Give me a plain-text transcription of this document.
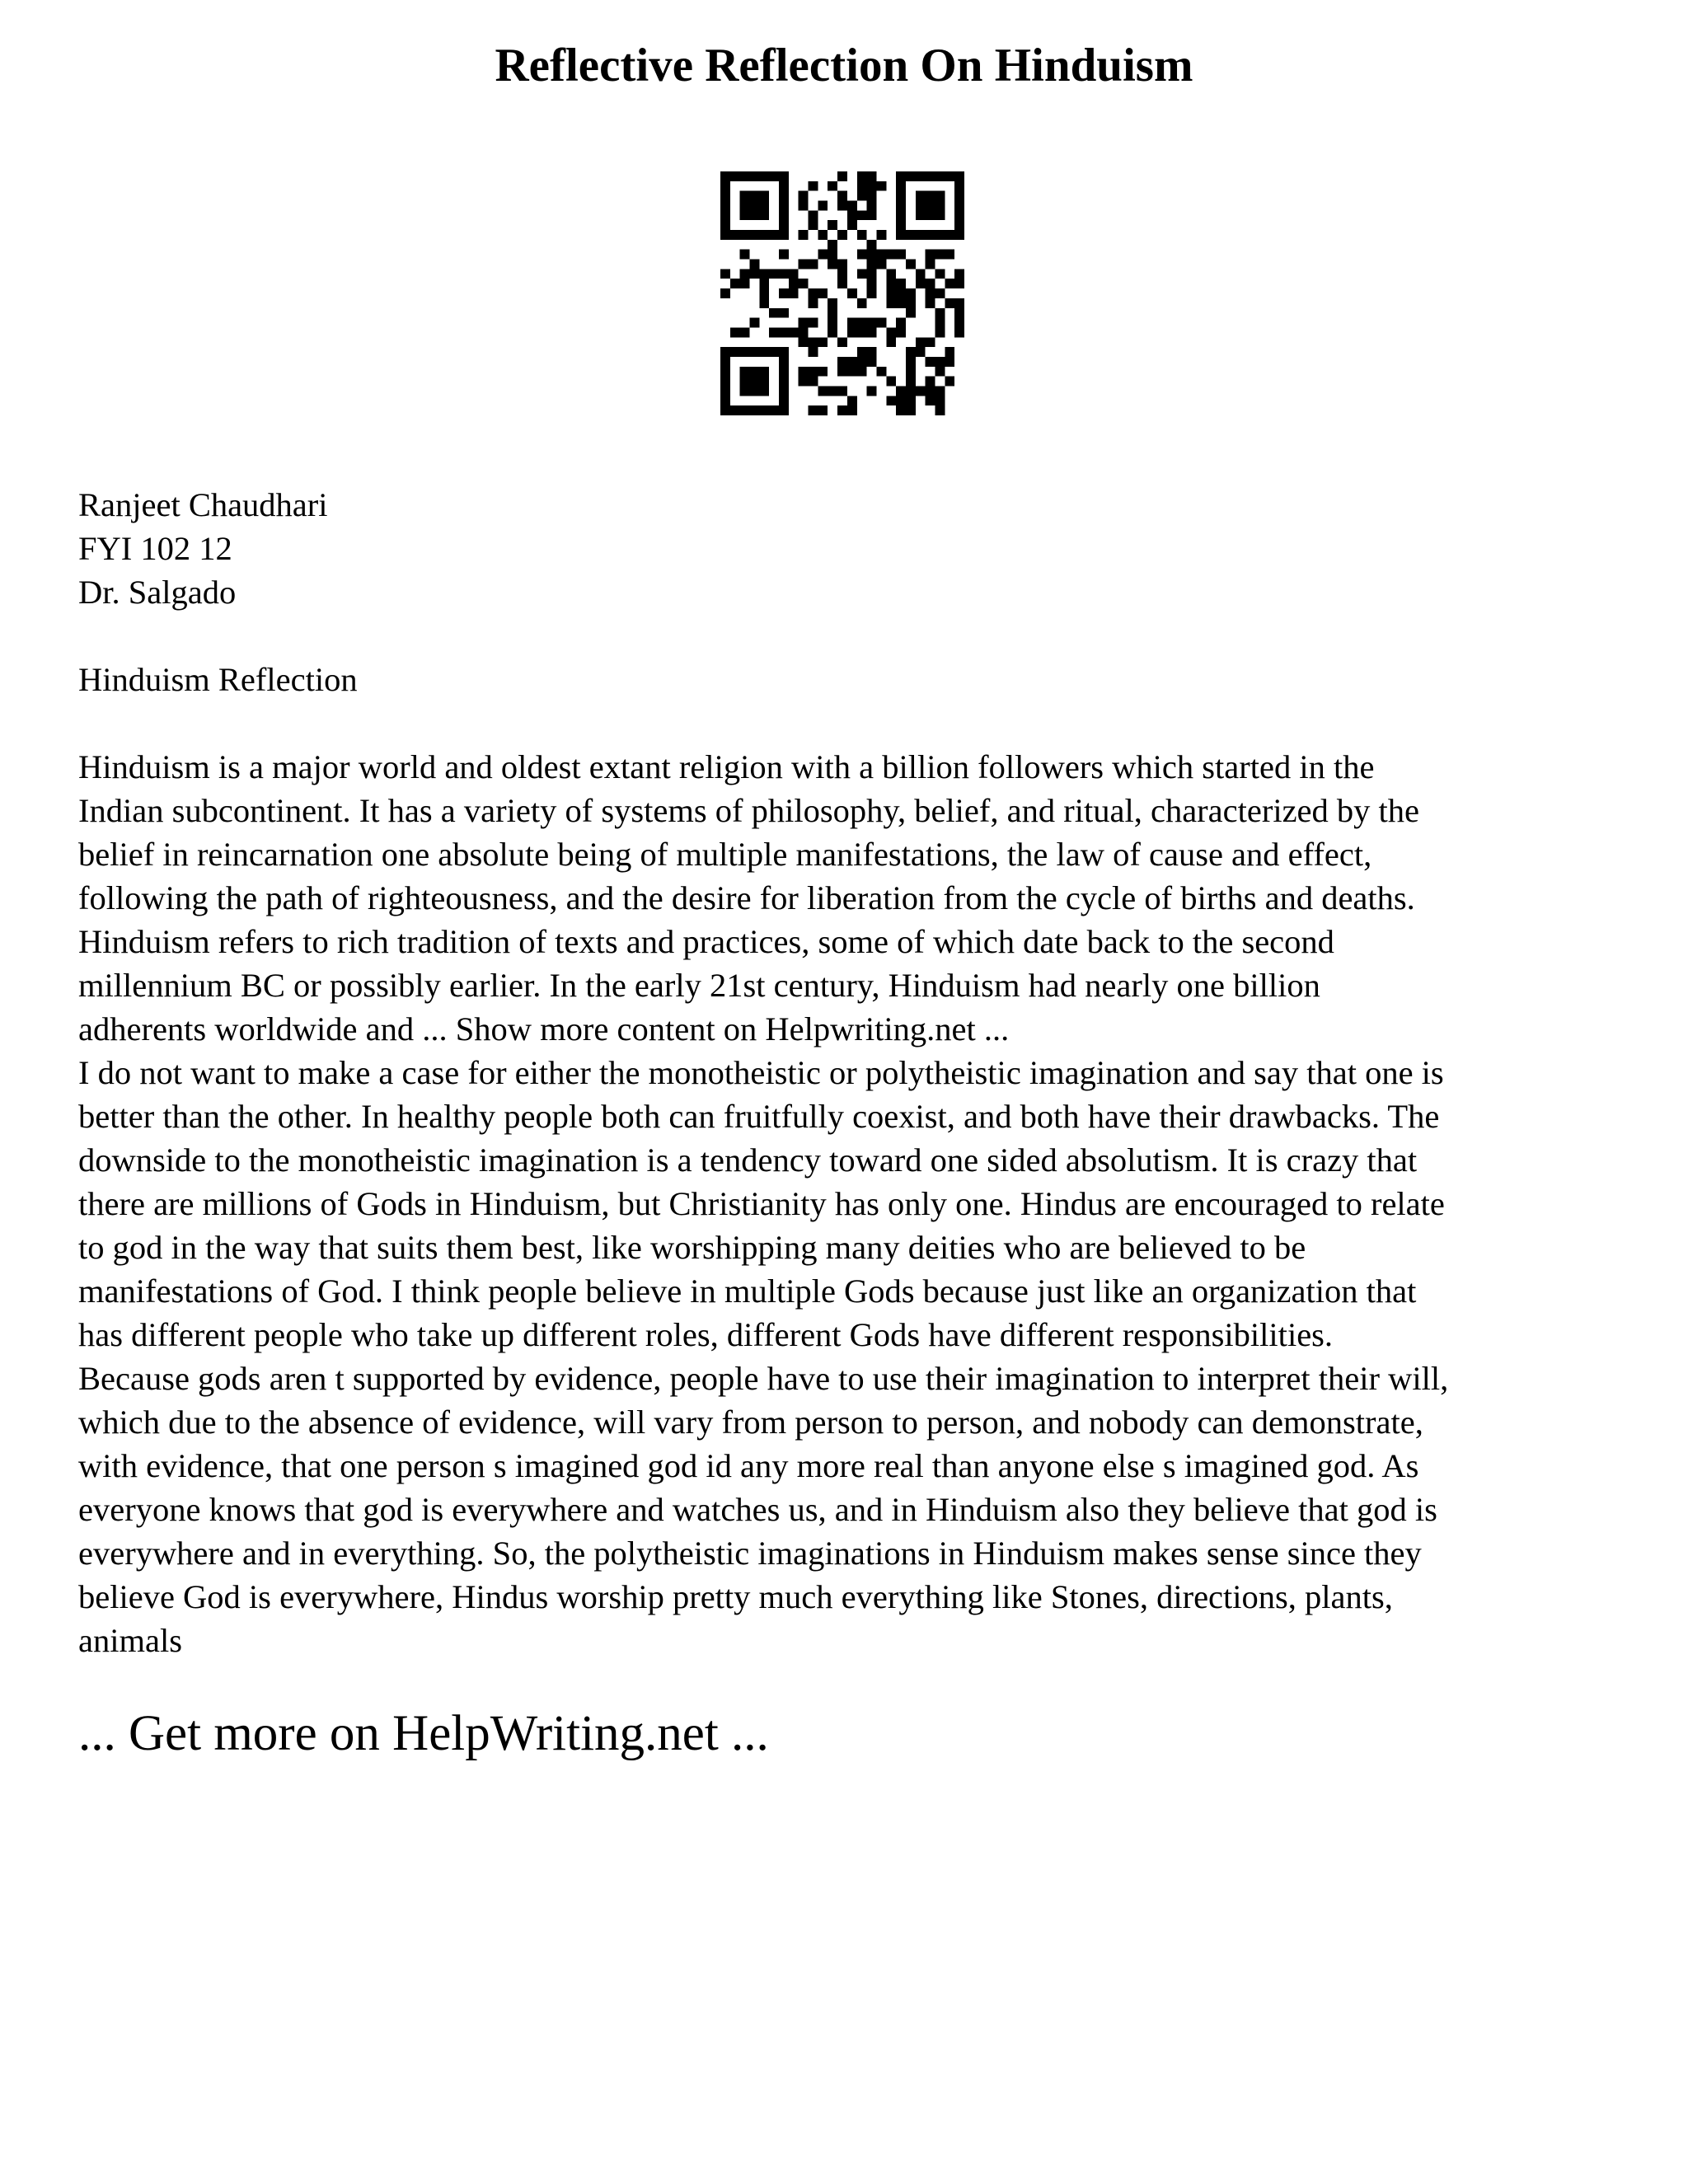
Reflective Reflection On Hinduism

Ranjeet Chaudhari

FYI 102 12

Dr. Salgado

Hinduism Reflection

Hinduism is a major world and oldest extant religion with a billion followers which started in the
Indian subcontinent. It has a variety of systems of philosophy, belief, and ritual, characterized by the
belief in reincarnation one absolute being of multiple manifestations, the law of cause and effect,
following the path of righteousness, and the desire for liberation from the cycle of births and deaths.
Hinduism refers to rich tradition of texts and practices, some of which date back to the second
millennium BC or possibly earlier. In the early 21st century, Hinduism had nearly one billion
adherents worldwide and ... Show more content on Helpwriting.net ...

I do not want to make a case for either the monotheistic or polytheistic imagination and say that one is
better than the other. In healthy people both can fruitfully coexist, and both have their drawbacks. The
downside to the monotheistic imagination is a tendency toward one sided absolutism. It is crazy that
there are millions of Gods in Hinduism, but Christianity has only one. Hindus are encouraged to relate
to god in the way that suits them best, like worshipping many deities who are believed to be
manifestations of God. I think people believe in multiple Gods because just like an organization that
has different people who take up different roles, different Gods have different responsibilities.
Because gods aren t supported by evidence, people have to use their imagination to interpret their will,
which due to the absence of evidence, will vary from person to person, and nobody can demonstrate,
with evidence, that one person s imagined god id any more real than anyone else s imagined god. As
everyone knows that god is everywhere and watches us, and in Hinduism also they believe that god is
everywhere and in everything. So, the polytheistic imaginations in Hinduism makes sense since they
believe God is everywhere, Hindus worship pretty much everything like Stones, directions, plants,
animals

... Get more on HelpWriting.net ...
